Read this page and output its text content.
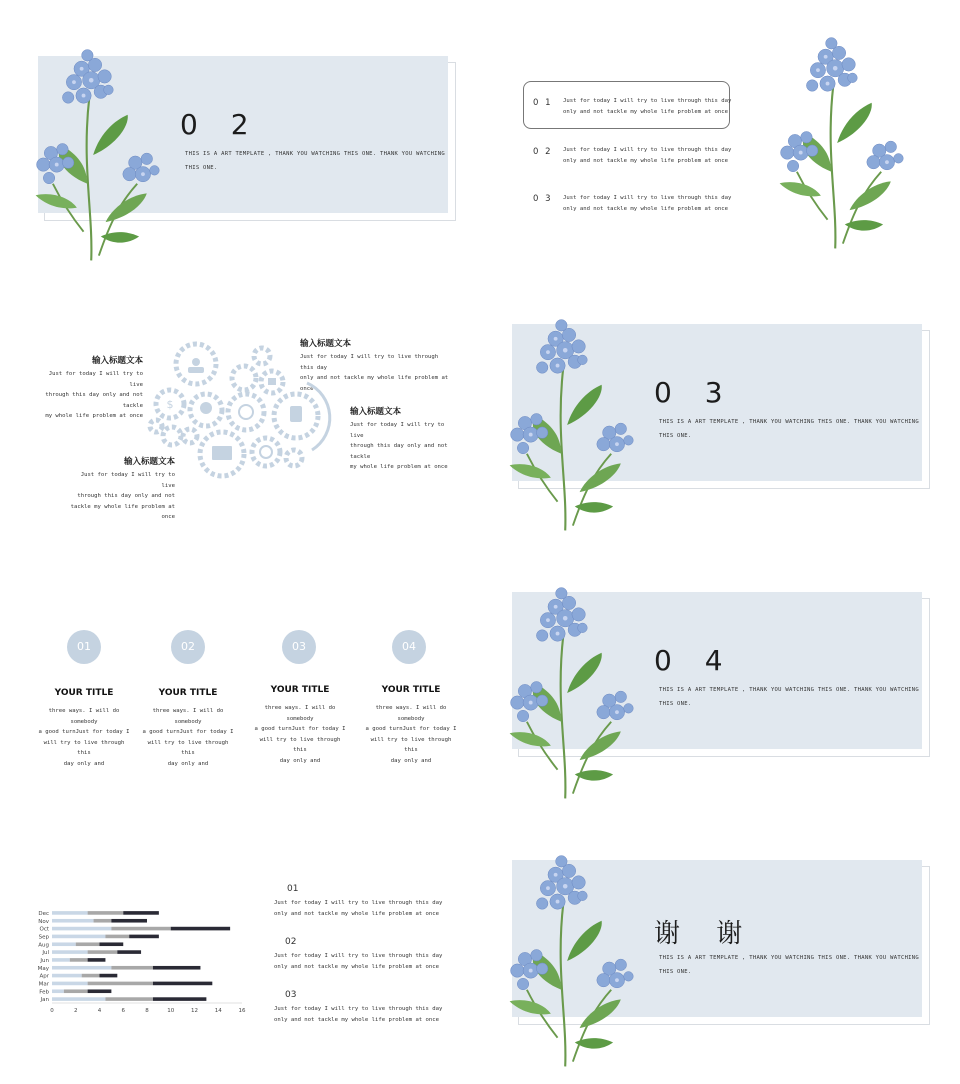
0 2
THIS IS A ART TEMPLATE , THANK YOU WATCHING THIS ONE. THANK YOU WATCHING
THIS ONE.
0 1 Just for today I will try to live through this day
only and not tackle my whole life problem at once
0 2 Just for today I will try to live through this day
only and not tackle my whole life problem at once
0 3 Just for today I will try to live through this day
only and not tackle my whole life problem at once
输入标题文本
Just for today I will try to live
through this day only and not tackle
my whole life problem at once
输入标题文本
Just for today I will try to live
through this day only and not
tackle my whole life problem at
once
输入标题文本
Just for today I will try to live through this day
only and not tackle my whole life problem at once
输入标题文本
Just for today I will try to live
through this day only and not tackle
my whole life problem at once
$	0 3
THIS IS A ART TEMPLATE , THANK YOU WATCHING THIS ONE. THANK YOU WATCHING
THIS ONE.
01
YOUR TITLE
three ways. I will do somebody
a good turnJust for today I
will try to live through this
day only and
02
YOUR TITLE
three ways. I will do somebody
a good turnJust for today I
will try to live through this
day only and
03
YOUR TITLE
three ways. I will do somebody
a good turnJust for today I
will try to live through this
day only and
04
YOUR TITLE
three ways. I will do somebody
a good turnJust for today I
will try to live through this
day only and
0 4
THIS IS A ART TEMPLATE , THANK YOU WATCHING THIS ONE. THANK YOU WATCHING
THIS ONE.
Jan
Feb
Mar
Apr
May
Jun
Jul
Aug
Sep
Oct
Nov
Dec
0	2	4	6	8	10	12	14	16
01
Just for today I will try to live through this day
only and not tackle my whole life problem at once
02
Just for today I will try to live through this day
only and not tackle my whole life problem at once
03
Just for today I will try to live through this day
only and not tackle my whole life problem at once
谢 谢
THIS IS A ART TEMPLATE , THANK YOU WATCHING THIS ONE. THANK YOU WATCHING
THIS ONE.
